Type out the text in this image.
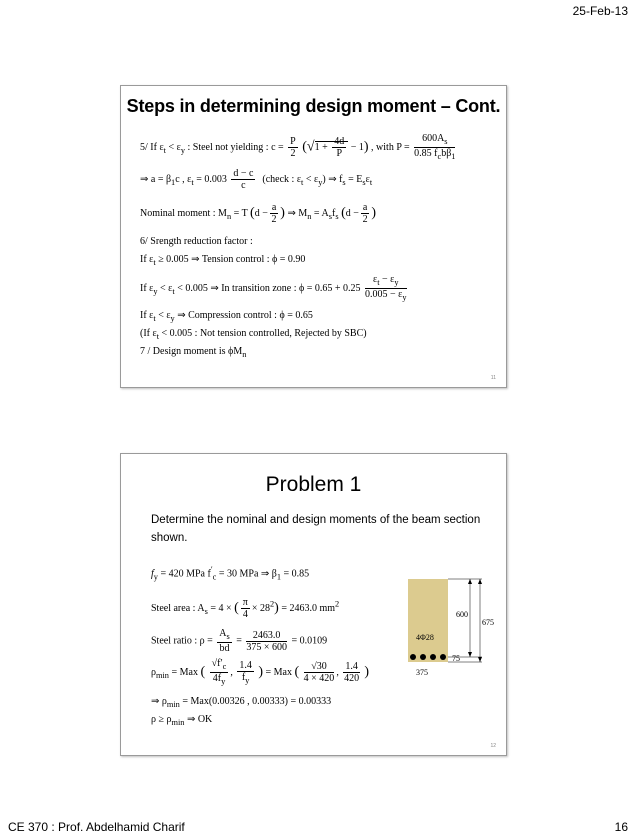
25-Feb-13
Steps in determining design moment – Cont.
5/ If $\varepsilon_t < \varepsilon_y$ : Steel not yielding : $c = \frac{P}{2} (√1 + \frac{4d}{P} - 1)$ , with $P = \frac{600A_s}{0.85 f_cb\beta_1}$
⇒ $a = \beta_1c$ , $\varepsilon_t = 0.003 \frac{d - c}{c}$ (check : $\varepsilon_t < \varepsilon_y$) ⇒ $f_s = E_s\varepsilon_t$
Nominal moment : $M_n = T$ ($d - \frac{a}{2}$ ) ⇒ $M_n = A_sf_s$ ($d - \frac{a}{2}$ )
6/ Srength reduction factor :
If $\varepsilon_t \ge 0.005$ ⇒ Tension control : ϕ = 0.90
If $\varepsilon_y < \varepsilon_t < 0.005$ ⇒ In transition zone : $\phi = 0.65 + 0.25 \frac{\varepsilon_t - \varepsilon_y}{0.005 - \varepsilon_y}$
If $\varepsilon_t < \varepsilon_y$ ⇒ Compression control : ϕ = 0.65
(If $\varepsilon_t < 0.005$ : Not tension controlled, Rejected by SBC)
7 / Design moment is $\phi M_n$
11
Problem 1
Determine the nominal and design moments of the beam section shown.
$f_y = 420$ MPa $f'_c = 30$ MPa ⇒ $\beta_1 = 0.85$
Steel area : $A_s = 4$ × ( $\frac{\pi}{4} \times 28^2) = 2463.0$ $mm^2$
Steel ratio : $\rho = \frac{A_s}{bd} = \frac{2463.0}{375 \times 600} = 0.0109$
$\rho_{min}$ = Max ( $\frac{√f'_c}{4f_y}$ , $\frac{1.4}{f_y}$ ) = Max ( $\frac{√30}{4 \times 420}$ , $\frac{1.4}{420}$ )
⇒ $\rho_{min} = Max(0.00326$ , 0.00333) = 0.00333
$\rho \ge \rho_{min}$ ⇒ OK
12
4Φ28
600
675
75
375
CE 370 : Prof. Abdelhamid Charif	16
